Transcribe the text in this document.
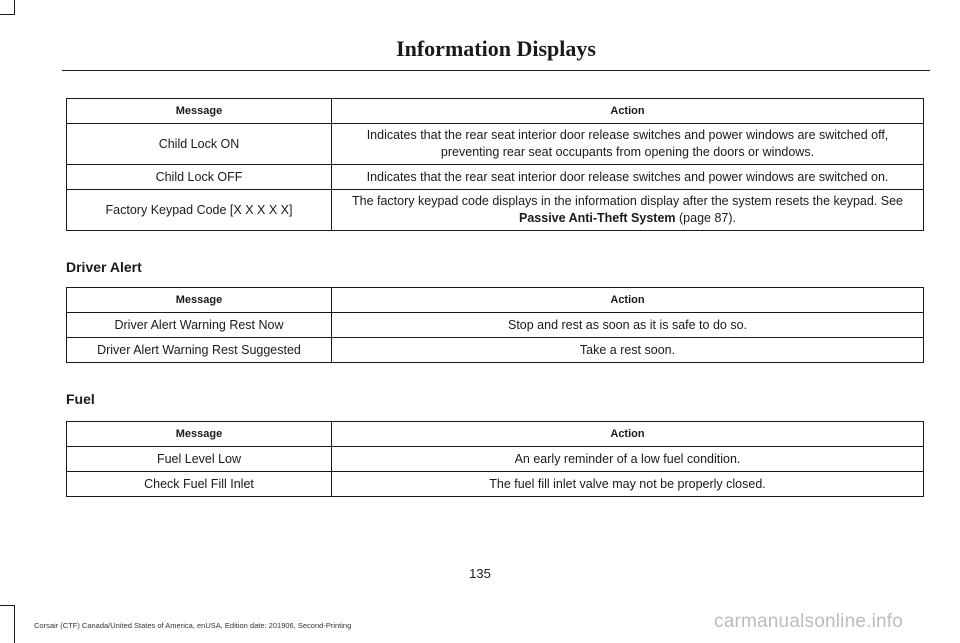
Information Displays
Message	Action
Child Lock ON	Indicates that the rear seat interior door release switches and power windows are switched off, preventing rear seat occupants from opening the doors or windows.
Child Lock OFF	Indicates that the rear seat interior door release switches and power windows are switched on.
Factory Keypad Code [X X X X X]	The factory keypad code displays in the information display after the system resets the keypad. See Passive Anti-Theft System (page 87).
Driver Alert
Message	Action
Driver Alert Warning Rest Now	Stop and rest as soon as it is safe to do so.
Driver Alert Warning Rest Suggested	Take a rest soon.
Fuel
Message	Action
Fuel Level Low	An early reminder of a low fuel condition.
Check Fuel Fill Inlet	The fuel fill inlet valve may not be properly closed.
135
Corsair (CTF) Canada/United States of America, enUSA, Edition date: 201906, Second-Printing	carmanualsonline.info
